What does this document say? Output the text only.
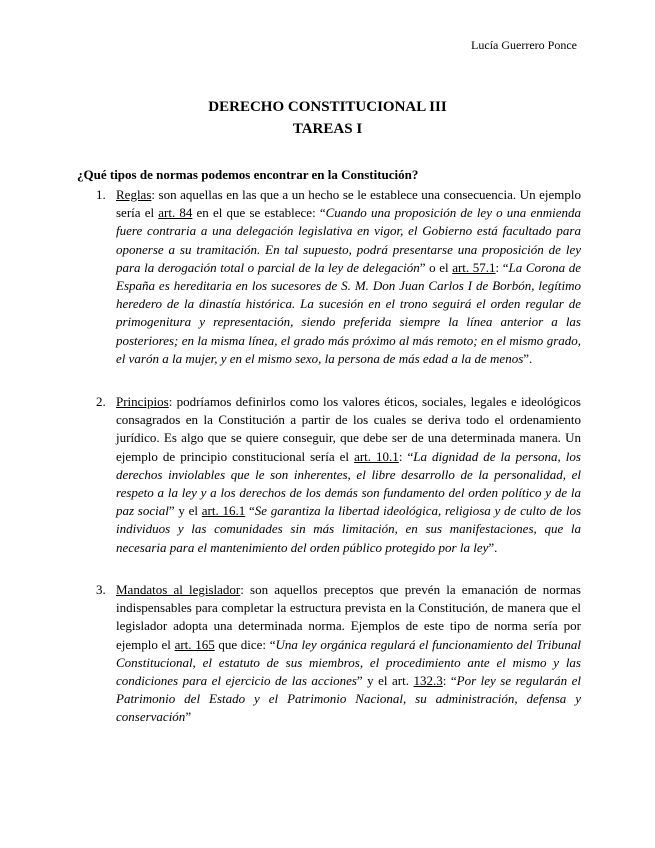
Lucía Guerrero Ponce
DERECHO CONSTITUCIONAL III
TAREAS I
¿Qué tipos de normas podemos encontrar en la Constitución?
1. Reglas: son aquellas en las que a un hecho se le establece una consecuencia. Un ejemplo sería el art. 84 en el que se establece: “Cuando una proposición de ley o una enmienda fuere contraria a una delegación legislativa en vigor, el Gobierno está facultado para oponerse a su tramitación. En tal supuesto, podrá presentarse una proposición de ley para la derogación total o parcial de la ley de delegación” o el art. 57.1: “La Corona de España es hereditaria en los sucesores de S. M. Don Juan Carlos I de Borbón, legítimo heredero de la dinastía histórica. La sucesión en el trono seguirá el orden regular de primogenitura y representación, siendo preferida siempre la línea anterior a las posteriores; en la misma línea, el grado más próximo al más remoto; en el mismo grado, el varón a la mujer, y en el mismo sexo, la persona de más edad a la de menos”.
2. Principios: podríamos definirlos como los valores éticos, sociales, legales e ideológicos consagrados en la Constitución a partir de los cuales se deriva todo el ordenamiento jurídico. Es algo que se quiere conseguir, que debe ser de una determinada manera. Un ejemplo de principio constitucional sería el art. 10.1: “La dignidad de la persona, los derechos inviolables que le son inherentes, el libre desarrollo de la personalidad, el respeto a la ley y a los derechos de los demás son fundamento del orden político y de la paz social” y el art. 16.1 “Se garantiza la libertad ideológica, religiosa y de culto de los individuos y las comunidades sin más limitación, en sus manifestaciones, que la necesaria para el mantenimiento del orden público protegido por la ley”.
3. Mandatos al legislador: son aquellos preceptos que prevén la emanación de normas indispensables para completar la estructura prevista en la Constitución, de manera que el legislador adopta una determinada norma. Ejemplos de este tipo de norma sería por ejemplo el art. 165 que dice: “Una ley orgánica regulará el funcionamiento del Tribunal Constitucional, el estatuto de sus miembros, el procedimiento ante el mismo y las condiciones para el ejercicio de las acciones” y el art. 132.3: “Por ley se regularán el Patrimonio del Estado y el Patrimonio Nacional, su administración, defensa y conservación”
